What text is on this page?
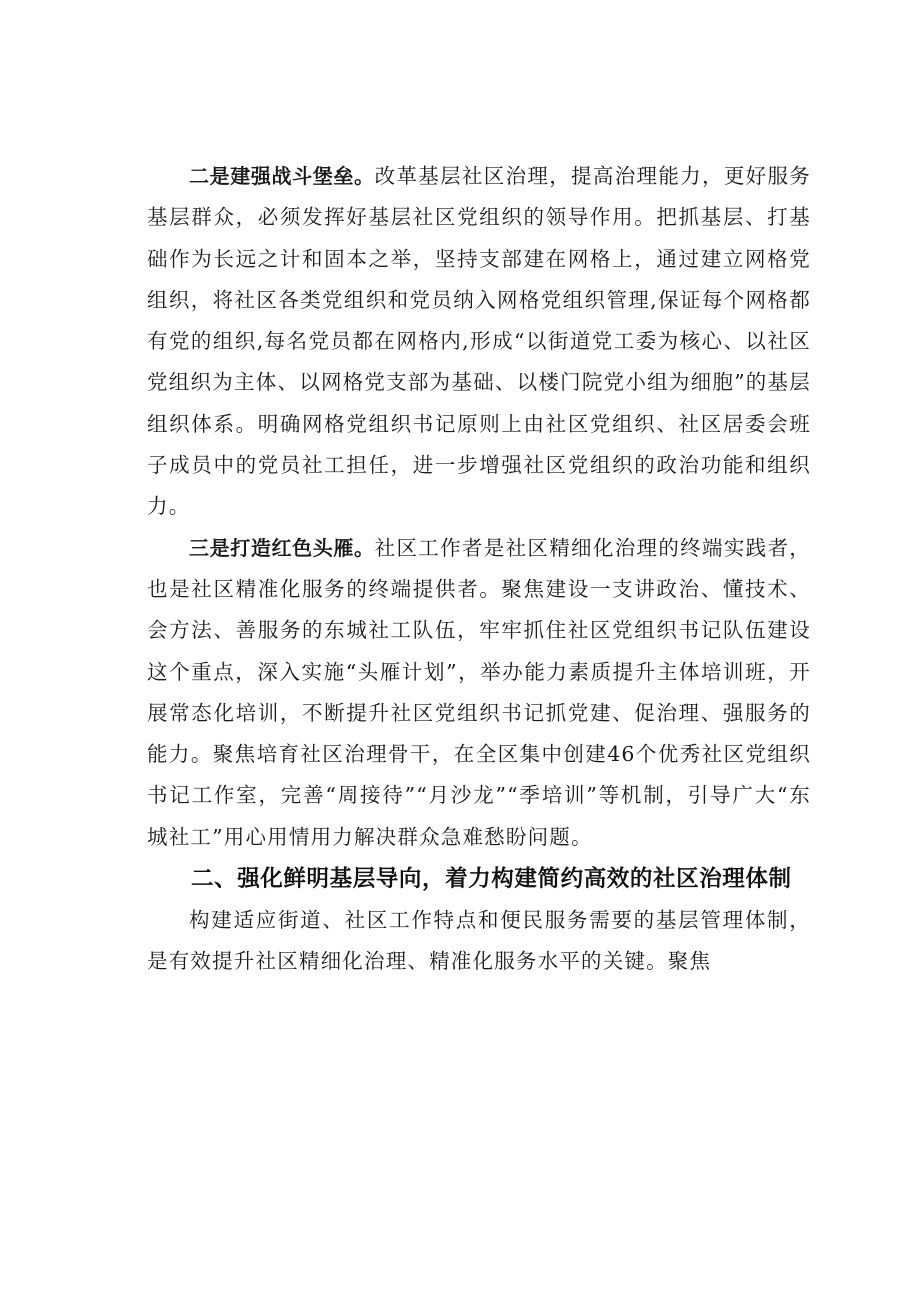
二是建强战斗堡垒。改革基层社区治理，提高治理能力，更好服务基层群众，必须发挥好基层社区党组织的领导作用。把抓基层、打基础作为长远之计和固本之举，坚持支部建在网格上，通过建立网格党组织，将社区各类党组织和党员纳入网格党组织管理,保证每个网格都有党的组织,每名党员都在网格内,形成“以街道党工委为核心、以社区党组织为主体、以网格党支部为基础、以楼门院党小组为细胞”的基层组织体系。明确网格党组织书记原则上由社区党组织、社区居委会班子成员中的党员社工担任，进一步增强社区党组织的政治功能和组织力。

三是打造红色头雁。社区工作者是社区精细化治理的终端实践者，也是社区精准化服务的终端提供者。聚焦建设一支讲政治、懂技术、会方法、善服务的东城社工队伍，牢牢抓住社区党组织书记队伍建设这个重点，深入实施“头雁计划”，举办能力素质提升主体培训班，开展常态化培训，不断提升社区党组织书记抓党建、促治理、强服务的能力。聚焦培育社区治理骨干，在全区集中创建46个优秀社区党组织书记工作室，完善“周接待”“月沙龙”“季培训”等机制，引导广大“东城社工”用心用情用力解决群众急难愁盼问题。

二、强化鲜明基层导向，着力构建简约高效的社区治理体制

构建适应街道、社区工作特点和便民服务需要的基层管理体制，是有效提升社区精细化治理、精准化服务水平的关键。聚焦
